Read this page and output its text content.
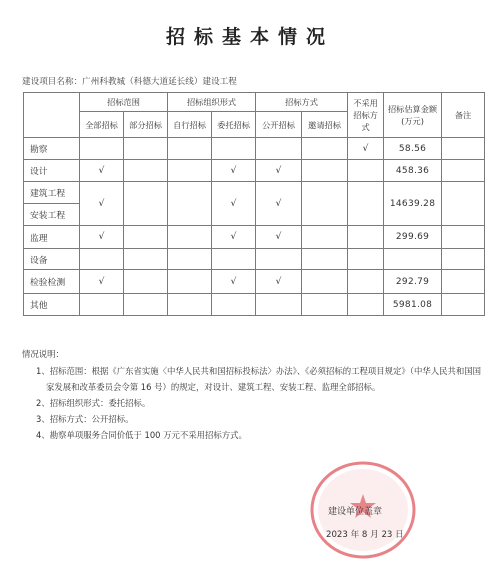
招标基本情况
建设项目名称：广州科教城（科德大道延长线）建设工程
	招标范围		招标组织形式		招标方式		不采用招标方式	招标估算金额(万元)	备注
	全部招标	部分招标	自行招标	委托招标	公开招标	邀请招标			
勘察							√	58.56	
设计	√			√	√			458.36	
建筑工程	√			√	√			14639.28	
安装工程									
监理	√			√	√			299.69	
设备									
检验检测	√			√	√			292.79	
其他								5981.08	
情况说明：
1、招标范围：根据《广东省实施〈中华人民共和国招标投标法〉办法》、《必须招标的工程项目规定》（中华人民共和国国家发展和改革委员会令第 16 号）的规定，对设计、建筑工程、安装工程、监理全部招标。
2、招标组织形式：委托招标。
3、招标方式：公开招标。
4、勘察单项服务合同价低于 100 万元不采用招标方式。
建设单位盖章
2023 年 8 月 23 日
